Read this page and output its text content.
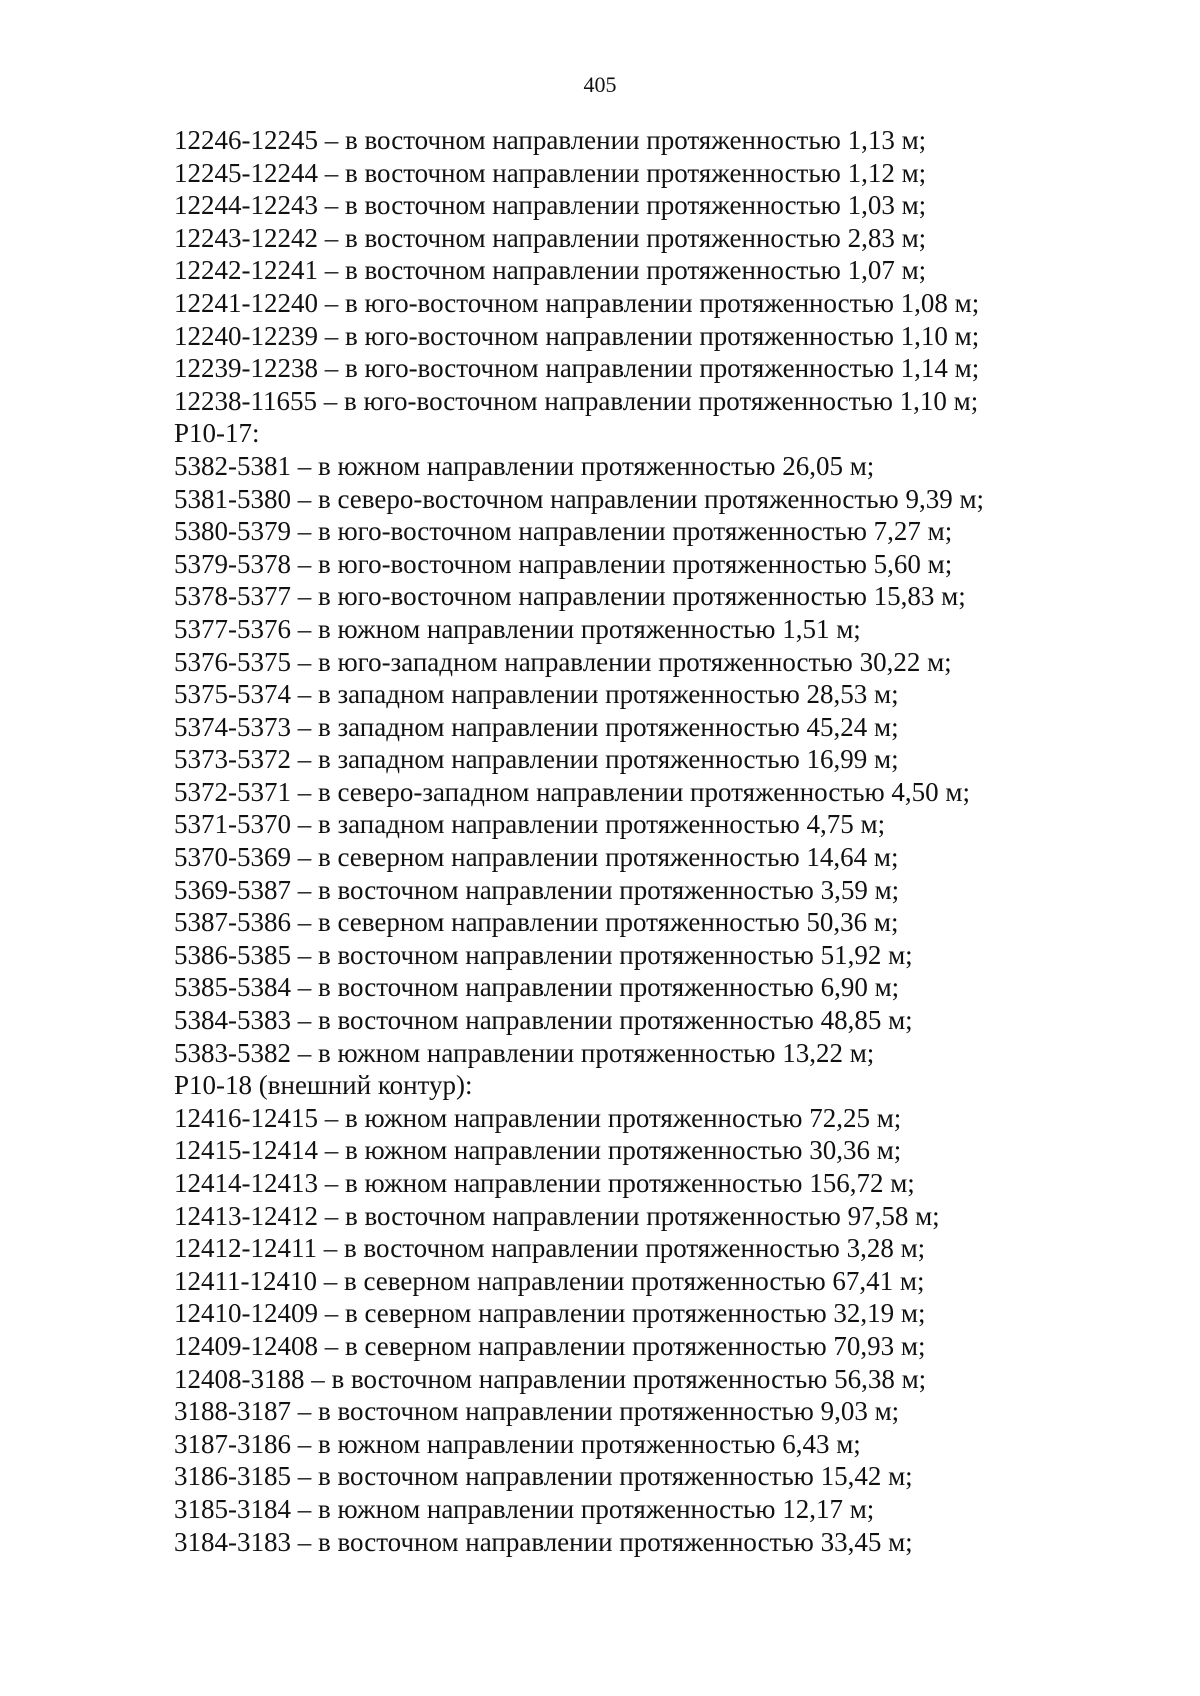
405
12246-12245 – в восточном направлении протяженностью 1,13 м;
12245-12244 – в восточном направлении протяженностью 1,12 м;
12244-12243 – в восточном направлении протяженностью 1,03 м;
12243-12242 – в восточном направлении протяженностью 2,83 м;
12242-12241 – в восточном направлении протяженностью 1,07 м;
12241-12240 – в юго-восточном направлении протяженностью 1,08 м;
12240-12239 – в юго-восточном направлении протяженностью 1,10 м;
12239-12238 – в юго-восточном направлении протяженностью 1,14 м;
12238-11655 – в юго-восточном направлении протяженностью 1,10 м;
Р10-17:
5382-5381 – в южном направлении протяженностью 26,05 м;
5381-5380 – в северо-восточном направлении протяженностью 9,39 м;
5380-5379 – в юго-восточном направлении протяженностью 7,27 м;
5379-5378 – в юго-восточном направлении протяженностью 5,60 м;
5378-5377 – в юго-восточном направлении протяженностью 15,83 м;
5377-5376 – в южном направлении протяженностью 1,51 м;
5376-5375 – в юго-западном направлении протяженностью 30,22 м;
5375-5374 – в западном направлении протяженностью 28,53 м;
5374-5373 – в западном направлении протяженностью 45,24 м;
5373-5372 – в западном направлении протяженностью 16,99 м;
5372-5371 – в северо-западном направлении протяженностью 4,50 м;
5371-5370 – в западном направлении протяженностью 4,75 м;
5370-5369 – в северном направлении протяженностью 14,64 м;
5369-5387 – в восточном направлении протяженностью 3,59 м;
5387-5386 – в северном направлении протяженностью 50,36 м;
5386-5385 – в восточном направлении протяженностью 51,92 м;
5385-5384 – в восточном направлении протяженностью 6,90 м;
5384-5383 – в восточном направлении протяженностью 48,85 м;
5383-5382 – в южном направлении протяженностью 13,22 м;
Р10-18 (внешний контур):
12416-12415 – в южном направлении протяженностью 72,25 м;
12415-12414 – в южном направлении протяженностью 30,36 м;
12414-12413 – в южном направлении протяженностью 156,72 м;
12413-12412 – в восточном направлении протяженностью 97,58 м;
12412-12411 – в восточном направлении протяженностью 3,28 м;
12411-12410 – в северном направлении протяженностью 67,41 м;
12410-12409 – в северном направлении протяженностью 32,19 м;
12409-12408 – в северном направлении протяженностью 70,93 м;
12408-3188 – в восточном направлении протяженностью 56,38 м;
3188-3187 – в восточном направлении протяженностью 9,03 м;
3187-3186 – в южном направлении протяженностью 6,43 м;
3186-3185 – в восточном направлении протяженностью 15,42 м;
3185-3184 – в южном направлении протяженностью 12,17 м;
3184-3183 – в восточном направлении протяженностью 33,45 м;
